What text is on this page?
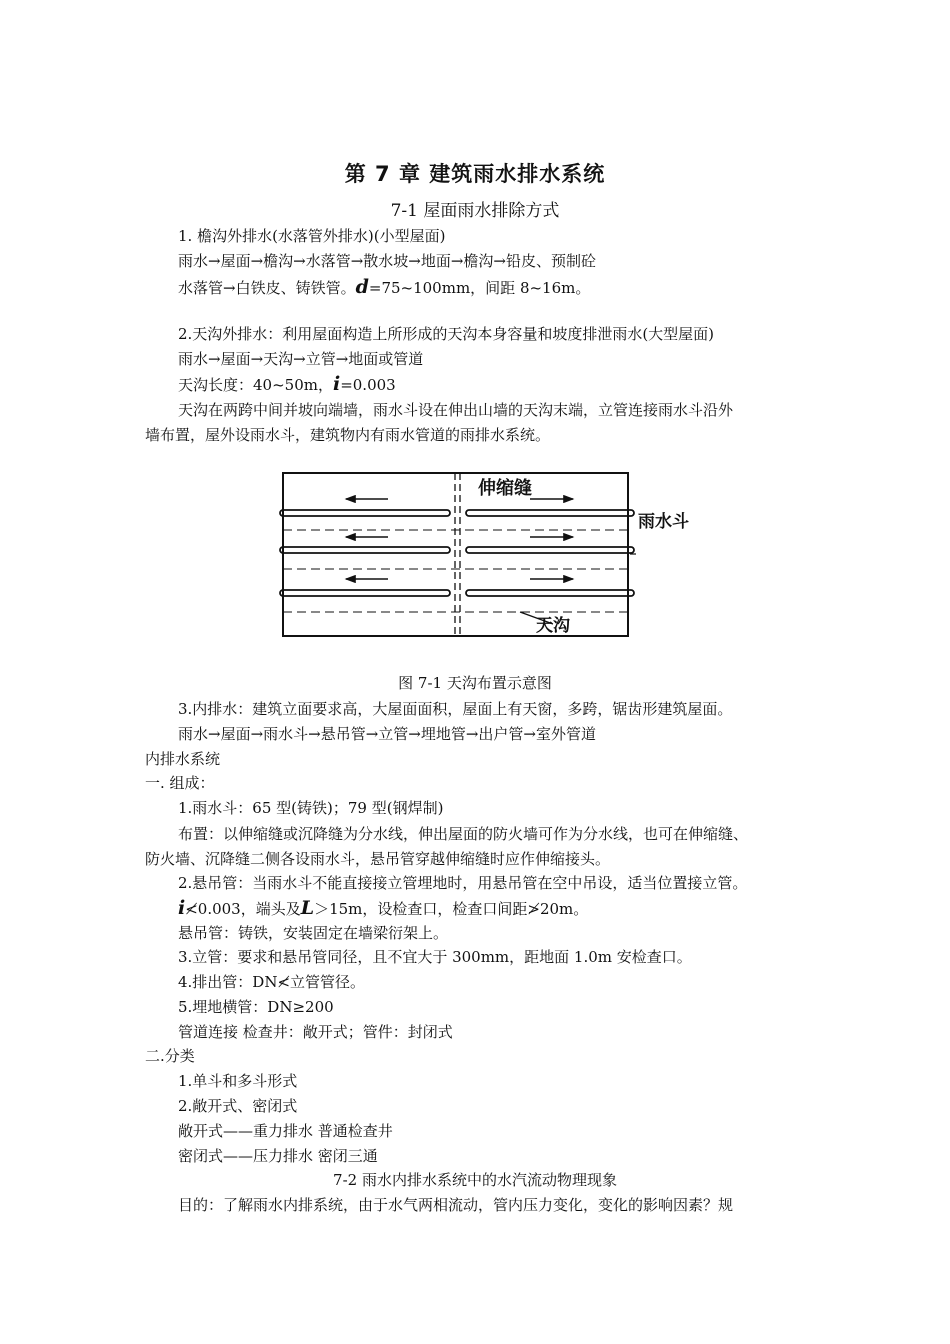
第 7 章 建筑雨水排水系统
7-1 屋面雨水排除方式
1. 檐沟外排水(水落管外排水)(小型屋面)
雨水→屋面→檐沟→水落管→散水坡→地面→檐沟→铅皮、预制砼
水落管→白铁皮、铸铁管。d=75~100mm，间距 8~16m。
2.天沟外排水：利用屋面构造上所形成的天沟本身容量和坡度排泄雨水(大型屋面)
雨水→屋面→天沟→立管→地面或管道
天沟长度：40~50m，i=0.003
天沟在两跨中间并坡向端墙，雨水斗设在伸出山墙的天沟末端，立管连接雨水斗沿外
墙布置，屋外设雨水斗，建筑物内有雨水管道的雨排水系统。
伸缩缝
雨水斗
天沟
图 7-1 天沟布置示意图
3.内排水：建筑立面要求高，大屋面面积，屋面上有天窗，多跨，锯齿形建筑屋面。
雨水→屋面→雨水斗→悬吊管→立管→埋地管→出户管→室外管道
内排水系统
一. 组成：
1.雨水斗：65 型(铸铁)；79 型(钢焊制)
布置：以伸缩缝或沉降缝为分水线，伸出屋面的防火墙可作为分水线，也可在伸缩缝、
防火墙、沉降缝二侧各设雨水斗，悬吊管穿越伸缩缝时应作伸缩接头。
2.悬吊管：当雨水斗不能直接接立管埋地时，用悬吊管在空中吊设，适当位置接立管。
i≮0.003，端头及L＞15m，设检查口，检查口间距≯20m。
悬吊管：铸铁，安装固定在墙梁衍架上。
3.立管：要求和悬吊管同径，且不宜大于 300mm，距地面 1.0m 安检查口。
4.排出管：DN≮立管管径。
5.埋地横管：DN≥200
管道连接 检查井：敞开式；管件：封闭式
二.分类
1.单斗和多斗形式
2.敞开式、密闭式
敞开式——重力排水 普通检查井
密闭式——压力排水 密闭三通
7-2 雨水内排水系统中的水汽流动物理现象
目的：了解雨水内排系统，由于水气两相流动，管内压力变化，变化的影响因素？规
